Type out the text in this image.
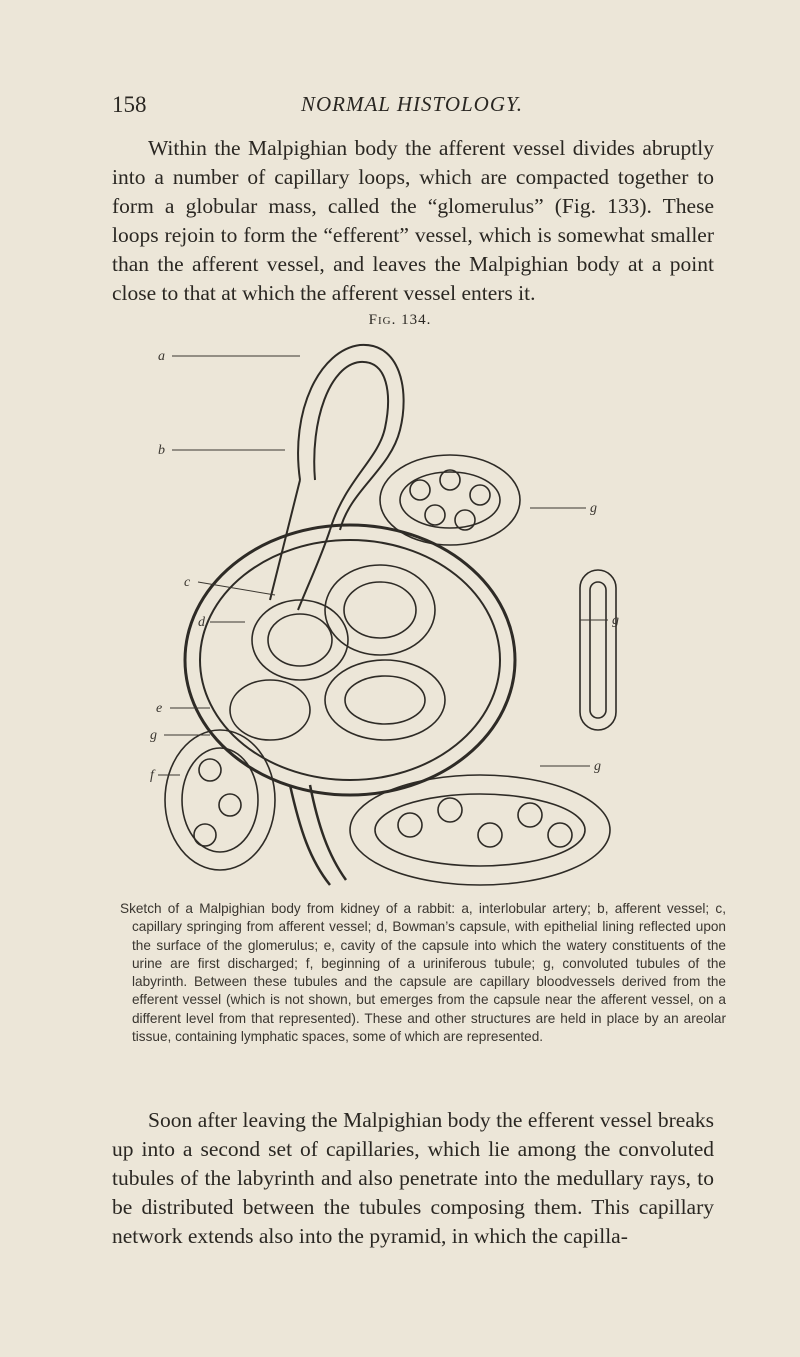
158	NORMAL HISTOLOGY.

Within the Malpighian body the afferent vessel divides abruptly into a number of capillary loops, which are compacted together to form a globular mass, called the “glomerulus” (Fig. 133). These loops rejoin to form the “efferent” vessel, which is somewhat smaller than the afferent vessel, and leaves the Malpighian body at a point close to that at which the afferent vessel enters it.

Fig. 134.
a
b
c
d
e
g
f
g
g
g

Sketch of a Malpighian body from kidney of a rabbit: a, interlobular artery; b, afferent vessel; c, capillary springing from afferent vessel; d, Bowman’s capsule, with epithelial lining reflected upon the surface of the glomerulus; e, cavity of the capsule into which the watery constituents of the urine are first discharged; f, beginning of a uriniferous tubule; g, convoluted tubules of the labyrinth. Between these tubules and the capsule are capillary bloodvessels derived from the efferent vessel (which is not shown, but emerges from the capsule near the afferent vessel, on a different level from that represented). These and other structures are held in place by an areolar tissue, containing lymphatic spaces, some of which are represented.

Soon after leaving the Malpighian body the efferent vessel breaks up into a second set of capillaries, which lie among the convoluted tubules of the labyrinth and also penetrate into the medullary rays, to be distributed between the tubules composing them. This capillary network extends also into the pyramid, in which the capilla-
